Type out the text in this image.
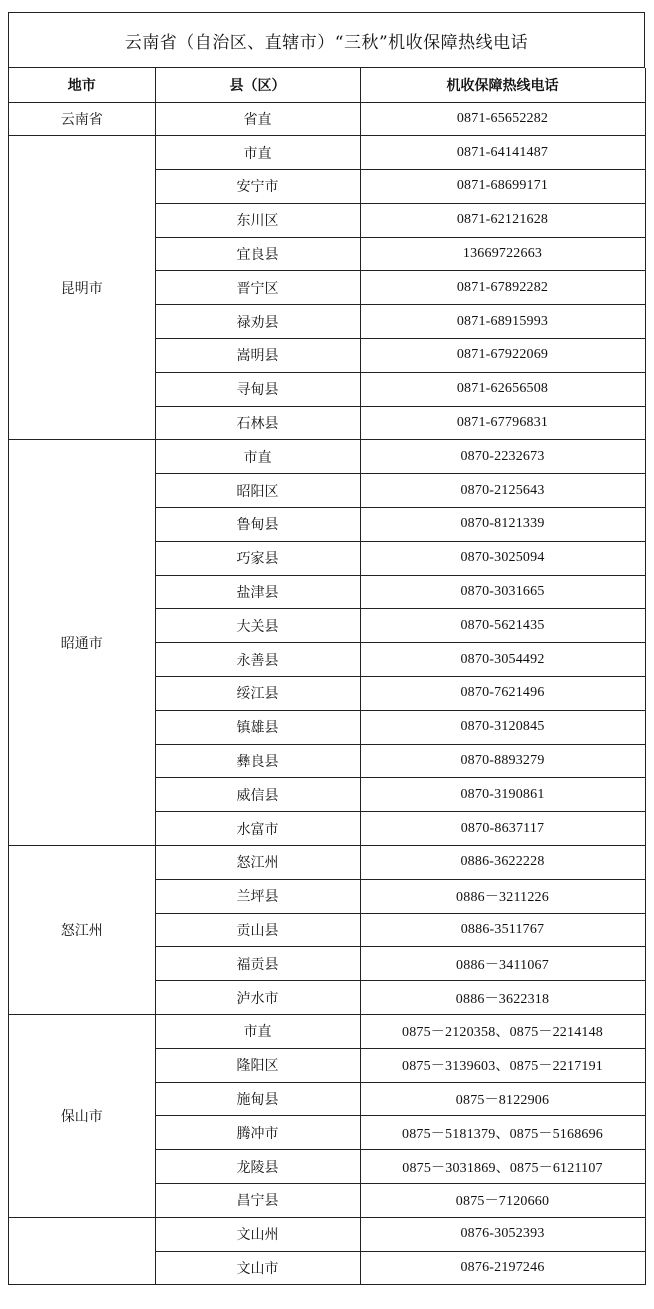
云南省（自治区、直辖市）“三秋”机收保障热线电话
地市	县（区）	机收保障热线电话
云南省	省直	0871-65652282
昆明市	市直	0871-64141487
	安宁市	0871-68699171
	东川区	0871-62121628
	宜良县	13669722663
	晋宁区	0871-67892282
	禄劝县	0871-68915993
	嵩明县	0871-67922069
	寻甸县	0871-62656508
	石林县	0871-67796831
昭通市	市直	0870-2232673
	昭阳区	0870-2125643
	鲁甸县	0870-8121339
	巧家县	0870-3025094
	盐津县	0870-3031665
	大关县	0870-5621435
	永善县	0870-3054492
	绥江县	0870-7621496
	镇雄县	0870-3120845
	彝良县	0870-8893279
	威信县	0870-3190861
	水富市	0870-8637117
怒江州	怒江州	0886-3622228
	兰坪县	0886－3211226
	贡山县	0886-3511767
	福贡县	0886－3411067
	泸水市	0886－3622318
保山市	市直	0875－2120358、0875－2214148
	隆阳区	0875－3139603、0875－2217191
	施甸县	0875－8122906
	腾冲市	0875－5181379、0875－5168696
	龙陵县	0875－3031869、0875－6121107
	昌宁县	0875－7120660
	文山州	0876-3052393
	文山市	0876-2197246
